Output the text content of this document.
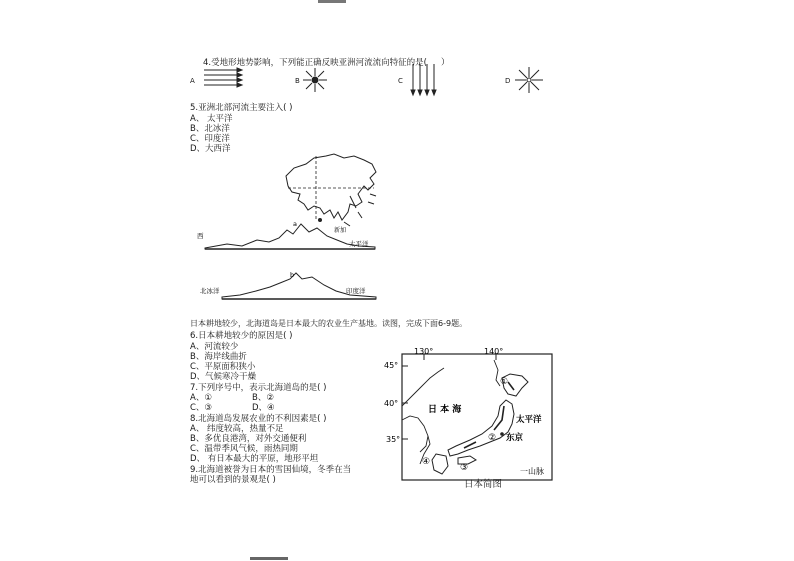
4.受地形地势影响，下列能正确反映亚洲河流流向特征的是( ）
A	B	C	D
5.亚洲北部河流主要注入( )
A、 太平洋
B、北冰洋
C、印度洋
D、大西洋
新加
西
太平洋
a
北冰洋	印度洋
b
日本耕地较少，北海道岛是日本最大的农业生产基地。读图，完成下面6-9题。
6.日本耕地较少的原因是( )
A、河流较少
B、海岸线曲折
C、平原面积狭小
D、气候寒冷干燥
7.下列序号中，表示北海道岛的是( )
A、①	B、②
C、③	D、④
8.北海道岛发展农业的不利因素是( )
A、 纬度较高，热量不足
B、多优良港湾，对外交通便利
C、温带季风气候，雨热同期
D、 有日本最大的平原，地形平坦
9.北海道被誉为日本的雪国仙境，冬季在当
地可以看到的景观是( )
130°	140°
45°
40°
35°
①
②
③
④
日 本 海
太平洋
东京
一山脉
日本简图
